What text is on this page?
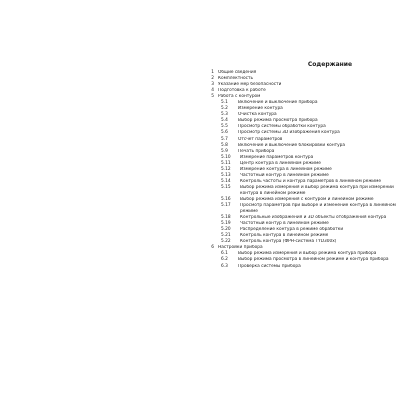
Содержание
1 Общие сведения
2 Комплектность
3 Указание мер безопасности
4 Подготовка к работе
5 Работа с контуром
5.1	Включение и выключение прибора
5.2	Измерение контура
5.3	Очистка контура
5.4	Выбор режима просмотра прибора
5.5	Просмотр системы обработки контура
5.6	Просмотр системы 3D изображения контура
5.7	Отсчет параметров
5.8	Включение и выключение блокировки контура
5.9	Печать прибора
5.10	Измерение параметров контура
5.11	Центр контура в линейном режиме
5.12	Измерение контура в линейном режиме
5.13	Частотный контур в линейном режиме
5.14	Контроль частоты и контура параметров в линейном режиме
5.15	Выбор режима измерения и выбор режима контура при измерении контура в линейном режиме
5.16	Выбор режима измерения с контуром и линейном режиме
5.17	Просмотр параметров при выборе и изменение контура в линейном режиме
5.18	Контрольные изображения и 3D объекты отображения контура
5.19	Частотный контур в линейном режиме
5.20	Распределение контура в режиме обработки
5.21	Контроль контура в линейном режиме
5.22	Контроль контура (ФРН-система TYD300x)
6 Настройки прибора
6.1	Выбор режима измерения и выбор режима контура прибора
6.2	Выбор режима просмотра в линейном режиме и контура прибора
6.3	Проверка системы прибора
